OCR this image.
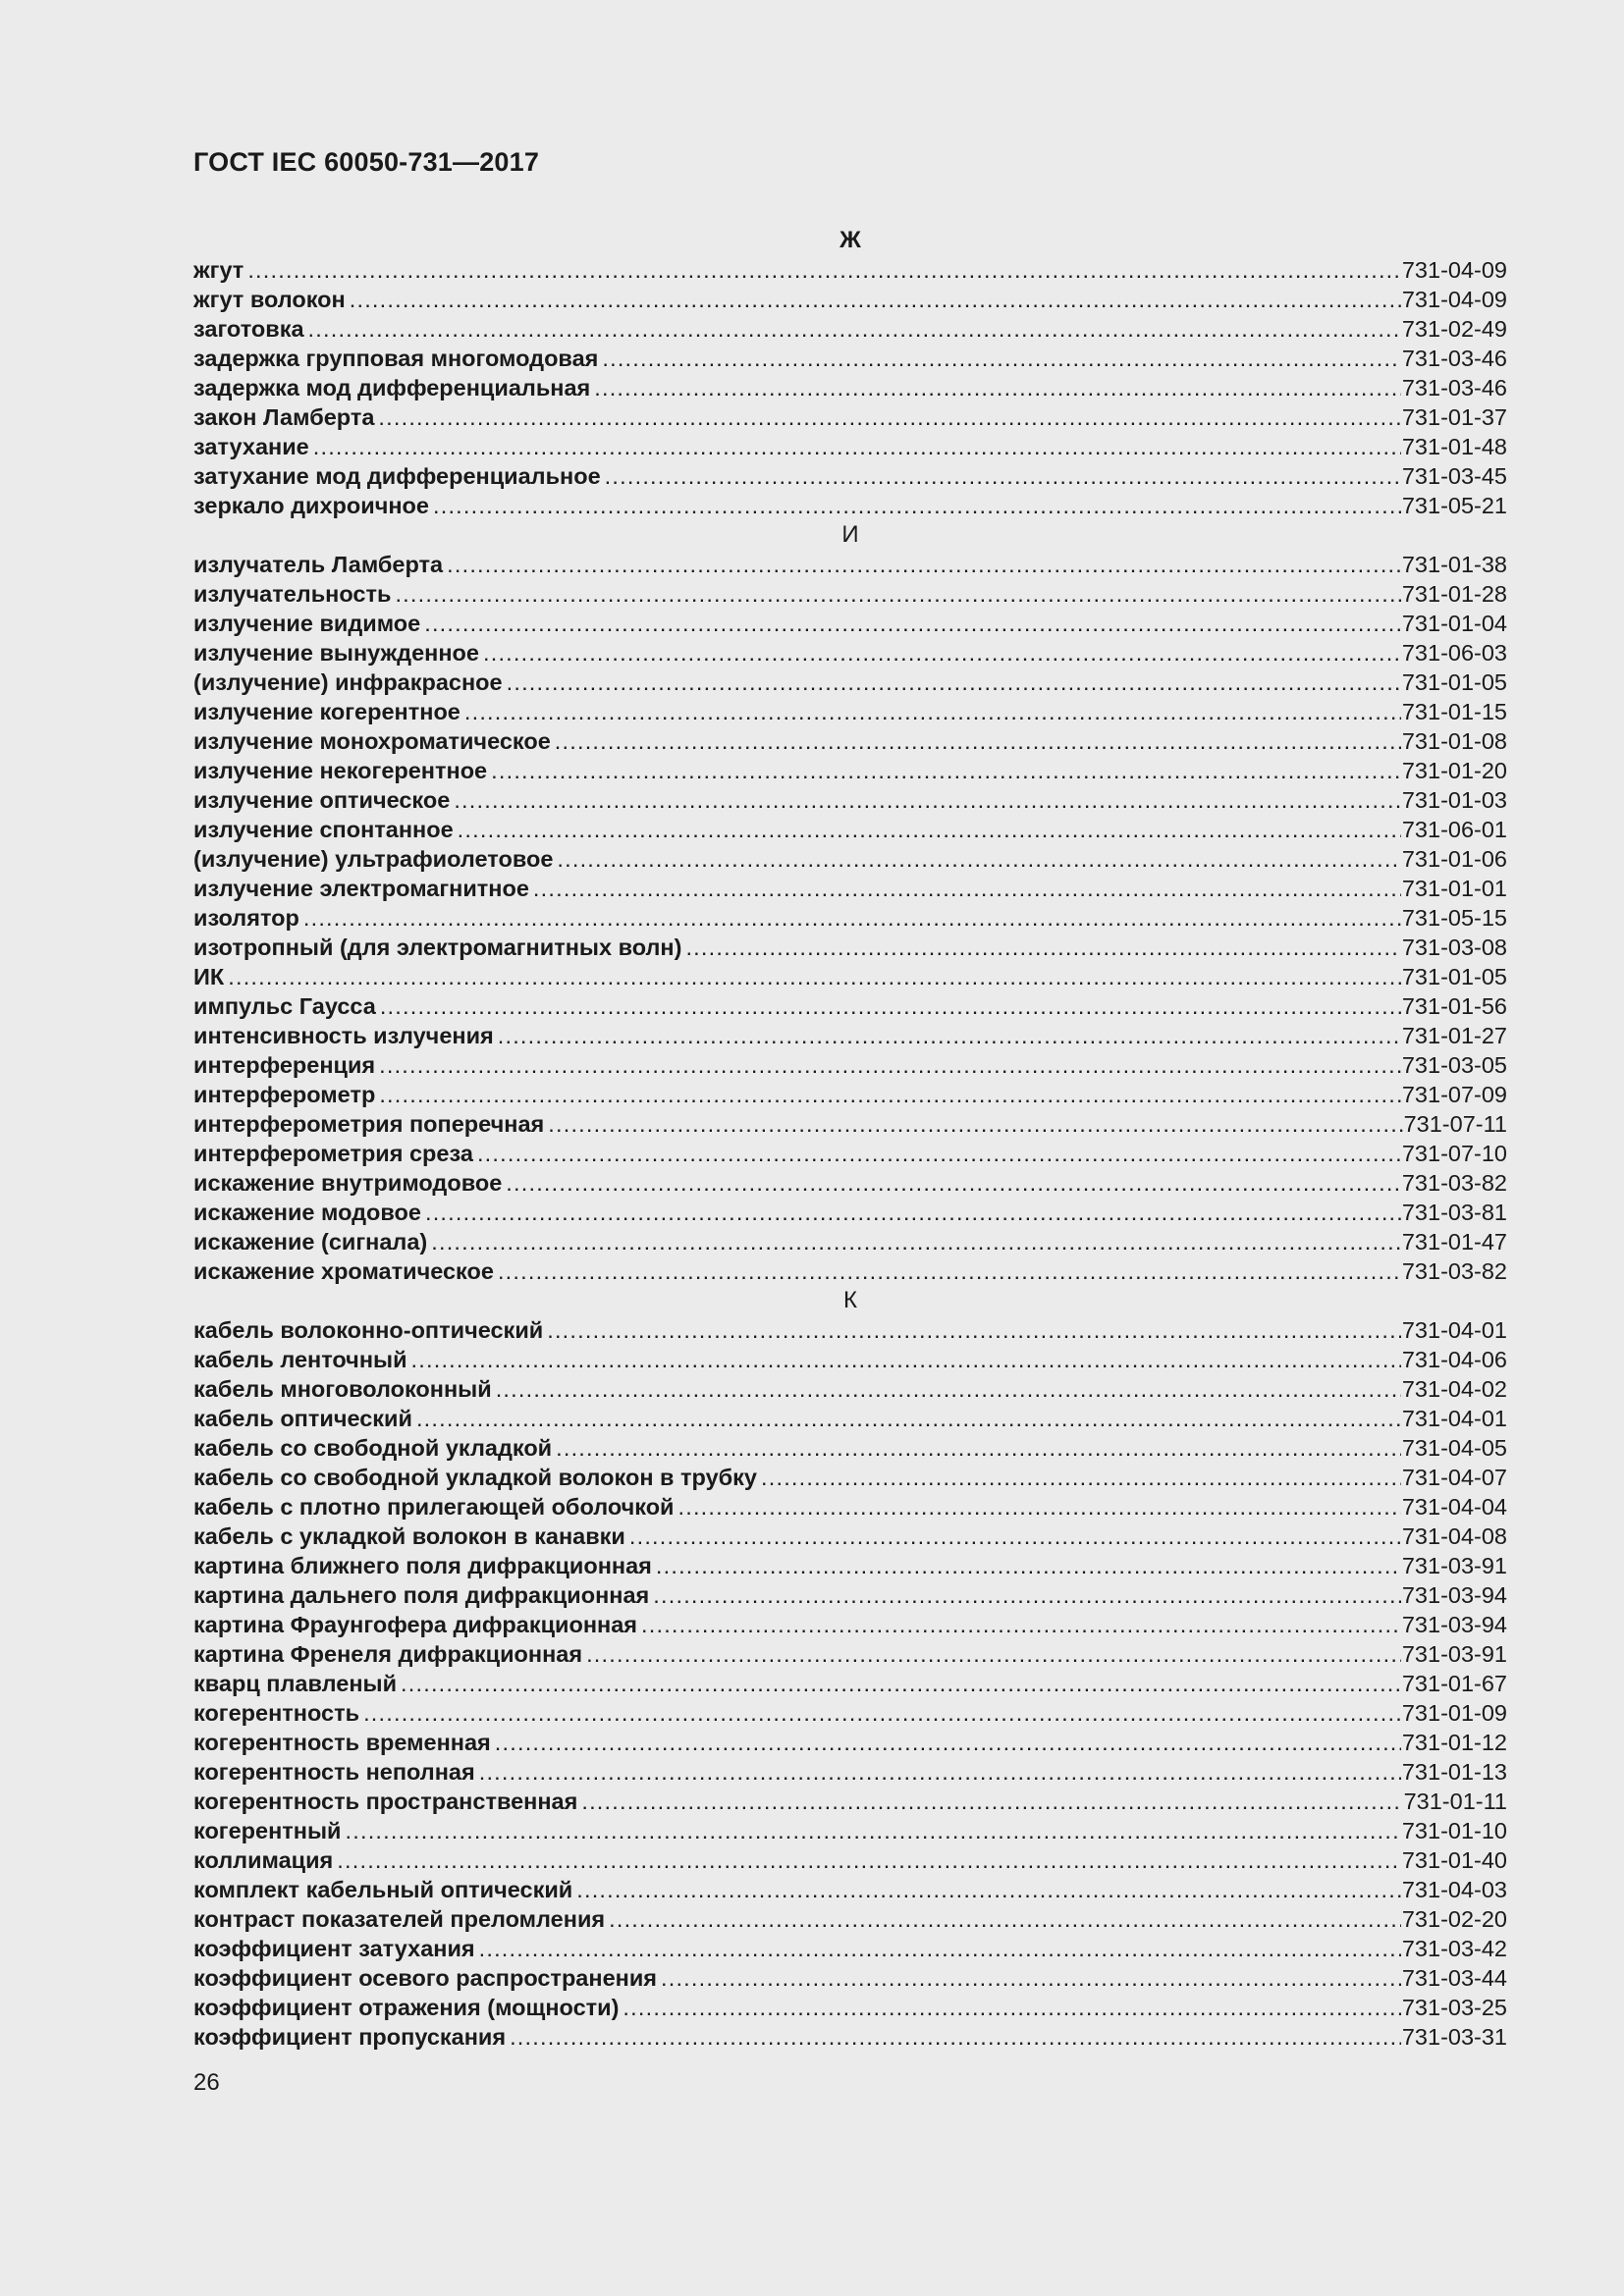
ГОСТ IEC 60050-731—2017
Ж
жгут .....	731-04-09
жгут волокон .....	731-04-09
заготовка .....	731-02-49
задержка групповая многомодовая .....	731-03-46
задержка мод дифференциальная .....	731-03-46
закон Ламберта .....	731-01-37
затухание .....	731-01-48
затухание мод дифференциальное .....	731-03-45
зеркало дихроичное .....	731-05-21
И
излучатель Ламберта .....	731-01-38
излучательность .....	731-01-28
излучение видимое .....	731-01-04
излучение вынужденное .....	731-06-03
(излучение) инфракрасное .....	731-01-05
излучение когерентное .....	731-01-15
излучение монохроматическое .....	731-01-08
излучение некогерентное .....	731-01-20
излучение оптическое .....	731-01-03
излучение спонтанное .....	731-06-01
(излучение) ультрафиолетовое .....	731-01-06
излучение электромагнитное .....	731-01-01
изолятор .....	731-05-15
изотропный (для электромагнитных волн) .....	731-03-08
ИК .....	731-01-05
импульс Гаусса .....	731-01-56
интенсивность излучения .....	731-01-27
интерференция .....	731-03-05
интерферометр .....	731-07-09
интерферометрия поперечная .....	731-07-11
интерферометрия среза .....	731-07-10
искажение внутримодовое .....	731-03-82
искажение модовое .....	731-03-81
искажение (сигнала) .....	731-01-47
искажение хроматическое .....	731-03-82
К
кабель волоконно-оптический .....	731-04-01
кабель ленточный .....	731-04-06
кабель многоволоконный .....	731-04-02
кабель оптический .....	731-04-01
кабель со свободной укладкой .....	731-04-05
кабель со свободной укладкой волокон в трубку .....	731-04-07
кабель с плотно прилегающей оболочкой .....	731-04-04
кабель с укладкой волокон в канавки .....	731-04-08
картина ближнего поля дифракционная .....	731-03-91
картина дальнего поля дифракционная .....	731-03-94
картина Фраунгофера дифракционная .....	731-03-94
картина Френеля дифракционная .....	731-03-91
кварц плавленый .....	731-01-67
когерентность .....	731-01-09
когерентность временная .....	731-01-12
когерентность неполная .....	731-01-13
когерентность пространственная .....	731-01-11
когерентный .....	731-01-10
коллимация .....	731-01-40
комплект кабельный оптический .....	731-04-03
контраст показателей преломления .....	731-02-20
коэффициент затухания .....	731-03-42
коэффициент осевого распространения .....	731-03-44
коэффициент отражения (мощности) .....	731-03-25
коэффициент пропускания .....	731-03-31
26
